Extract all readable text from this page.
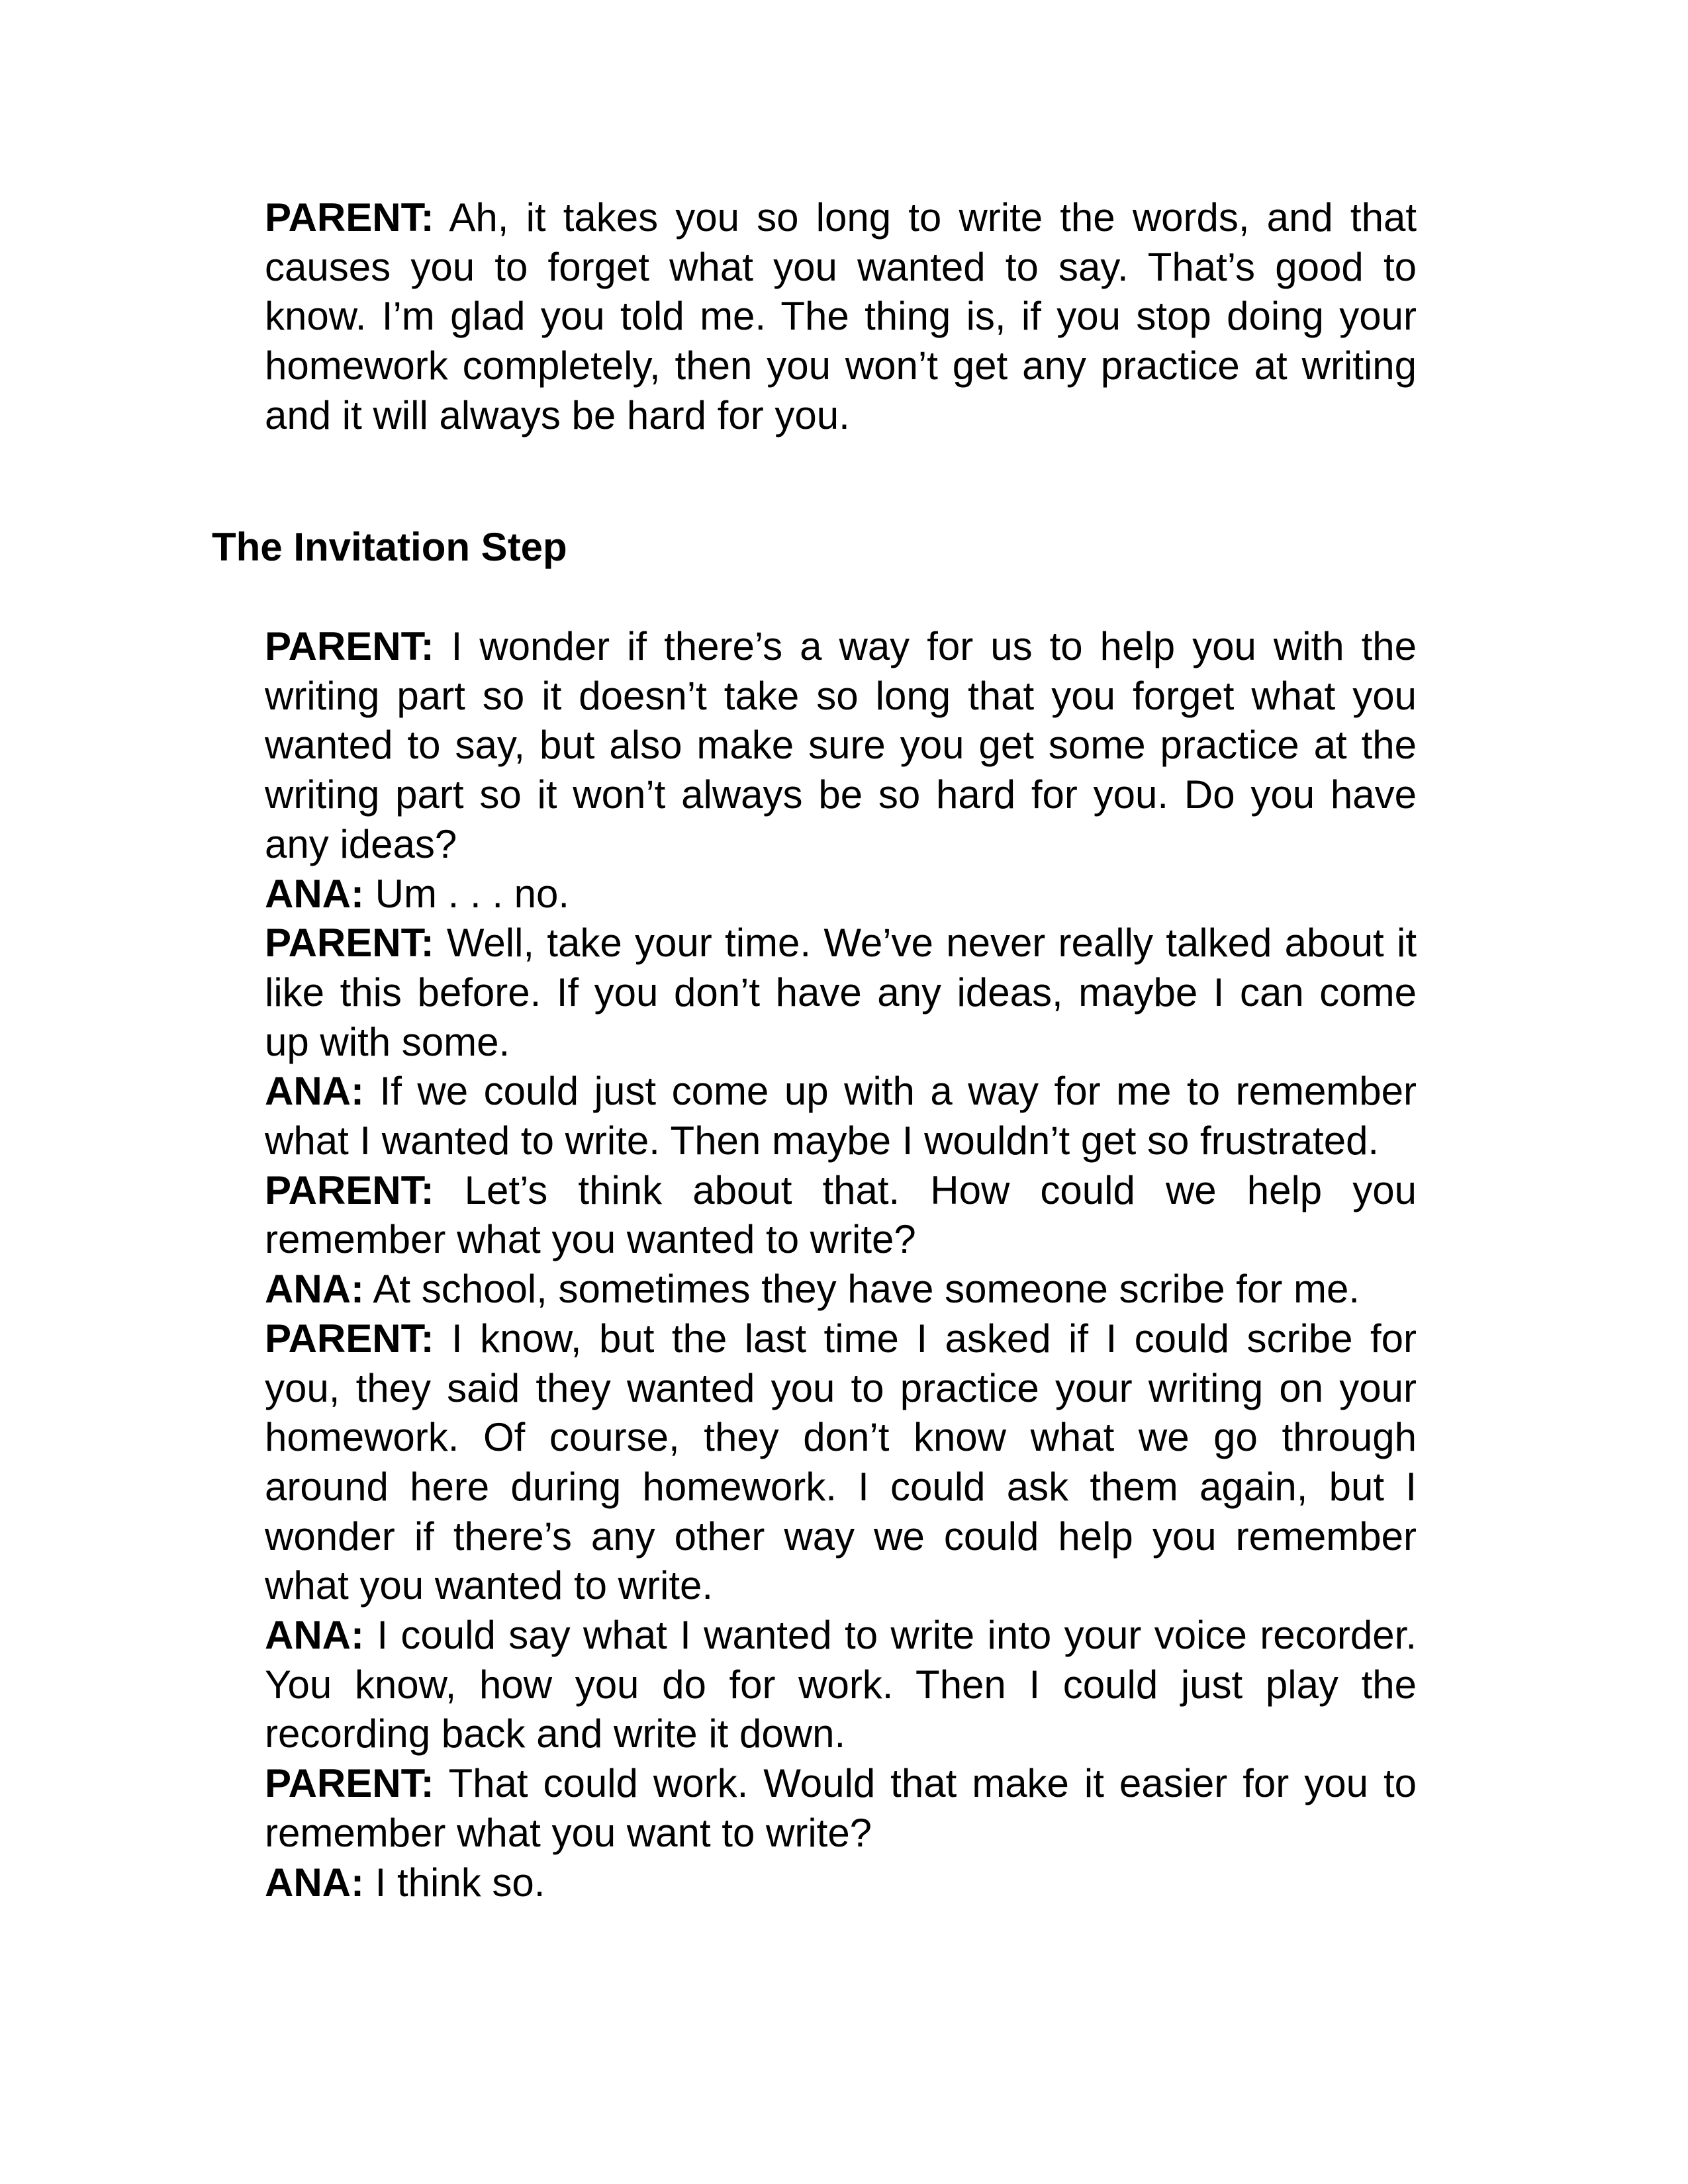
PARENT: Ah, it takes you so long to write the words, and that causes you to forget what you wanted to say. That’s good to know. I’m glad you told me. The thing is, if you stop doing your homework completely, then you won’t get any practice at writing and it will always be hard for you.

The Invitation Step

PARENT: I wonder if there’s a way for us to help you with the writing part so it doesn’t take so long that you forget what you wanted to say, but also make sure you get some practice at the writing part so it won’t always be so hard for you. Do you have any ideas?

ANA: Um . . . no.

PARENT: Well, take your time. We’ve never really talked about it like this before. If you don’t have any ideas, maybe I can come up with some.

ANA: If we could just come up with a way for me to remember what I wanted to write. Then maybe I wouldn’t get so frustrated.

PARENT: Let’s think about that. How could we help you remember what you wanted to write?

ANA: At school, sometimes they have someone scribe for me.

PARENT: I know, but the last time I asked if I could scribe for you, they said they wanted you to practice your writing on your homework. Of course, they don’t know what we go through around here during homework. I could ask them again, but I wonder if there’s any other way we could help you remember what you wanted to write.

ANA: I could say what I wanted to write into your voice recorder. You know, how you do for work. Then I could just play the recording back and write it down.

PARENT: That could work. Would that make it easier for you to remember what you want to write?

ANA: I think so.
